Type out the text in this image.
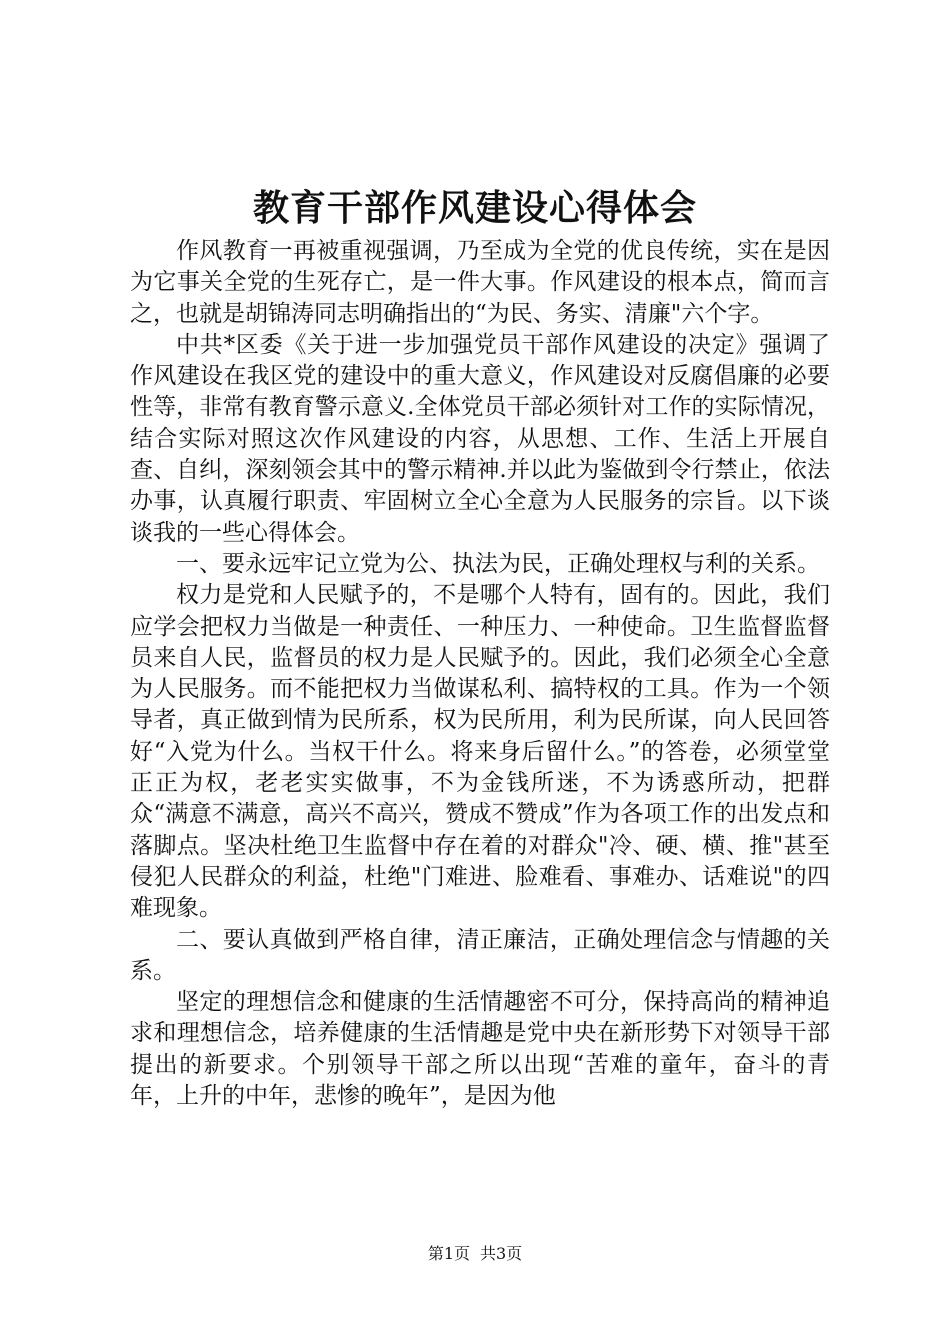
教育干部作风建设心得体会

作风教育一再被重视强调，乃至成为全党的优良传统，实在是因为它事关全党的生死存亡，是一件大事。作风建设的根本点，简而言之，也就是胡锦涛同志明确指出的“为民、务实、清廉"六个字。

中共*区委《关于进一步加强党员干部作风建设的决定》强调了作风建设在我区党的建设中的重大意义，作风建设对反腐倡廉的必要性等，非常有教育警示意义.全体党员干部必须针对工作的实际情况，结合实际对照这次作风建设的内容，从思想、工作、生活上开展自查、自纠，深刻领会其中的警示精神.并以此为鉴做到令行禁止，依法办事，认真履行职责、牢固树立全心全意为人民服务的宗旨。以下谈谈我的一些心得体会。

一、要永远牢记立党为公、执法为民，正确处理权与利的关系。

权力是党和人民赋予的，不是哪个人特有，固有的。因此，我们应学会把权力当做是一种责任、一种压力、一种使命。卫生监督监督员来自人民，监督员的权力是人民赋予的。因此，我们必须全心全意为人民服务。而不能把权力当做谋私利、搞特权的工具。作为一个领导者，真正做到情为民所系，权为民所用，利为民所谋，向人民回答好“入党为什么。当权干什么。将来身后留什么。”的答卷，必须堂堂正正为权，老老实实做事，不为金钱所迷，不为诱惑所动，把群众“满意不满意，高兴不高兴，赞成不赞成”作为各项工作的出发点和落脚点。坚决杜绝卫生监督中存在着的对群众"冷、硬、横、推"甚至侵犯人民群众的利益，杜绝"门难进、脸难看、事难办、话难说"的四难现象。

二、要认真做到严格自律，清正廉洁，正确处理信念与情趣的关系。

坚定的理想信念和健康的生活情趣密不可分，保持高尚的精神追求和理想信念，培养健康的生活情趣是党中央在新形势下对领导干部提出的新要求。个别领导干部之所以出现“苦难的童年，奋斗的青年，上升的中年，悲惨的晚年”，是因为他

第1页 共3页
